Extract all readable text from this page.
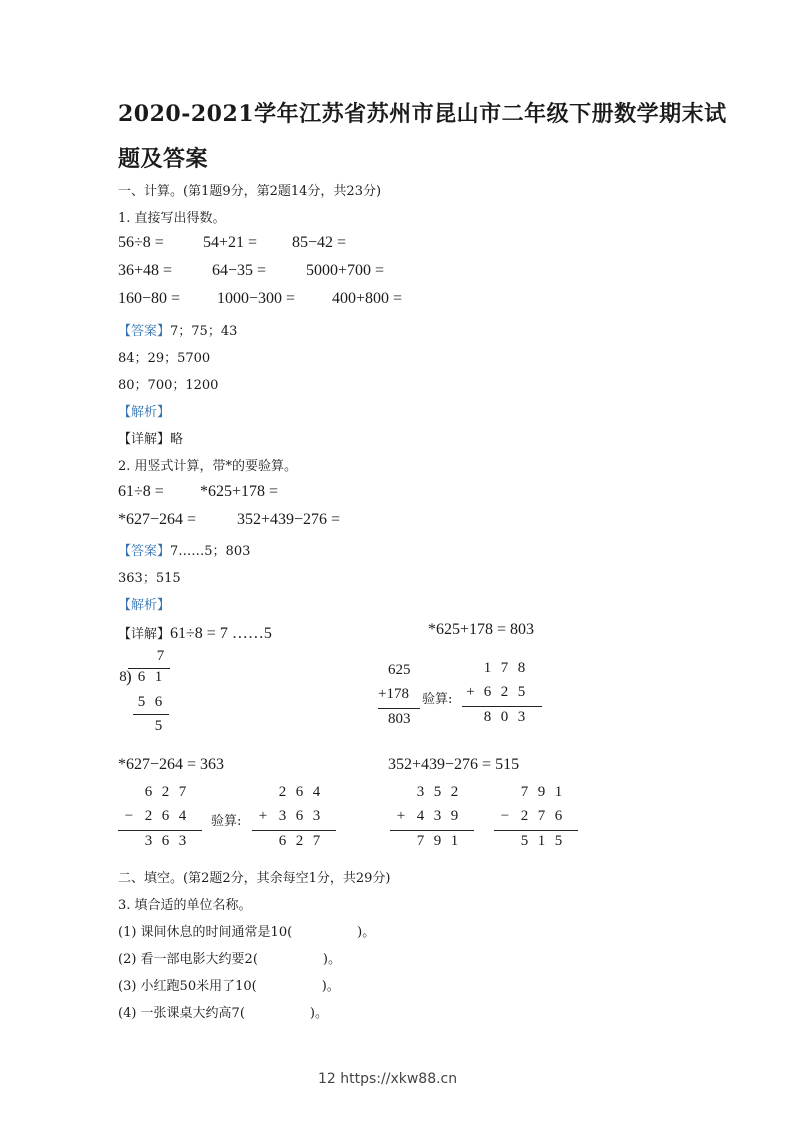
2020-2021学年江苏省苏州市昆山市二年级下册数学期末试
题及答案
一、计算。(第1题9分，第2题14分，共23分)
1. 直接写出得数。
56÷8 = 54+21 = 85−42 =
36+48 = 64−35 = 5000+700 =
160−80 = 1000−300 = 400+800 =
【答案】7；75；43
84；29；5700
80；700；1200
【解析】
【详解】略
2. 用竖式计算，带*的要验算。
61÷8 = *625+178 =
*627−264 =	352+439−276 =
【答案】7……5；803
363；515
【解析】
【详解】61÷8 = 7 ……5	*625+178 = 803
7
8 ) 6 1
5 6
5
625
+178
803
验算:
1 7 8
+ 6 2 5
8 0 3
*627−264 = 363	352+439−276 = 515
6 2 7
− 2 6 4
3 6 3
验算:
2 6 4
+ 3 6 3
6 2 7
3 5 2
+ 4 3 9
7 9 1
7 9 1
− 2 7 6
5 1 5
二、填空。(第2题2分，其余每空1分，共29分)
3. 填合适的单位名称。
(1) 课间休息的时间通常是10(　　　　　)。
(2) 看一部电影大约要2(　　　　　)。
(3) 小红跑50米用了10(　　　　　)。
(4) 一张课桌大约高7(　　　　　)。
12 https://xkw88.cn
